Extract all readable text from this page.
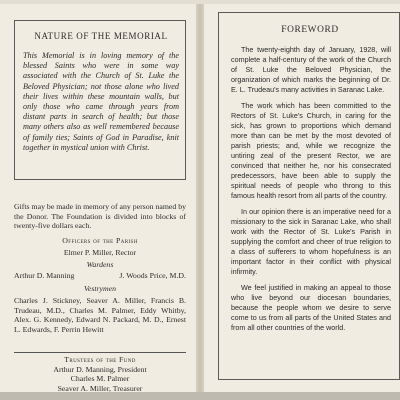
NATURE OF THE MEMORIAL
This Memorial is in loving memory of the blessed Saints who were in some way associated with the Church of St. Luke the Beloved Physician; not those alone who lived their lives within these mountain walls, but only those who came through years from distant parts in search of health; but those many others also as well remembered because of family ties; Saints of God in Paradise, knit together in mystical union with Christ.
Gifts may be made in memory of any person named by the Donor. The Foundation is divided into blocks of twenty-five dollars each.
Officers of the Parish
Elmer P. Miller, Rector
Wardens
Arthur D. Manning	J. Woods Price, M.D.
Vestrymen
Charles J. Stickney, Seaver A. Miller, Francis B. Trudeau, M.D., Charles M. Palmer, Eddy Whitby, Alex. G. Kennedy, Edward N. Packard, M. D., Ernest L. Edwards, F. Perrin Hewitt
Trustees of the Fund
Arthur D. Manning, President
Charles M. Palmer
Seaver A. Miller, Treasurer
FOREWORD

The twenty-eighth day of January, 1928, will complete a half-century of the work of the Church of St. Luke the Beloved Physician, the organization of which marks the beginning of Dr. E. L. Trudeau's many activities in Saranac Lake.

The work which has been committed to the Rectors of St. Luke's Church, in caring for the sick, has grown to proportions which demand more than can be met by the most devoted of parish priests; and, while we recognize the untiring zeal of the present Rector, we are convinced that neither he, nor his consecrated predecessors, have been able to supply the spiritual needs of people who throng to this famous health resort from all parts of the country.

In our opinion there is an imperative need for a missionary to the sick in Saranac Lake, who shall work with the Rector of St. Luke's Parish in supplying the comfort and cheer of true religion to a class of sufferers to whom hopefulness is an important factor in their conflict with physical infirmity.

We feel justified in making an appeal to those who live beyond our diocesan boundaries, because the people whom we desire to serve come to us from all parts of the United States and from all other countries of the world.
